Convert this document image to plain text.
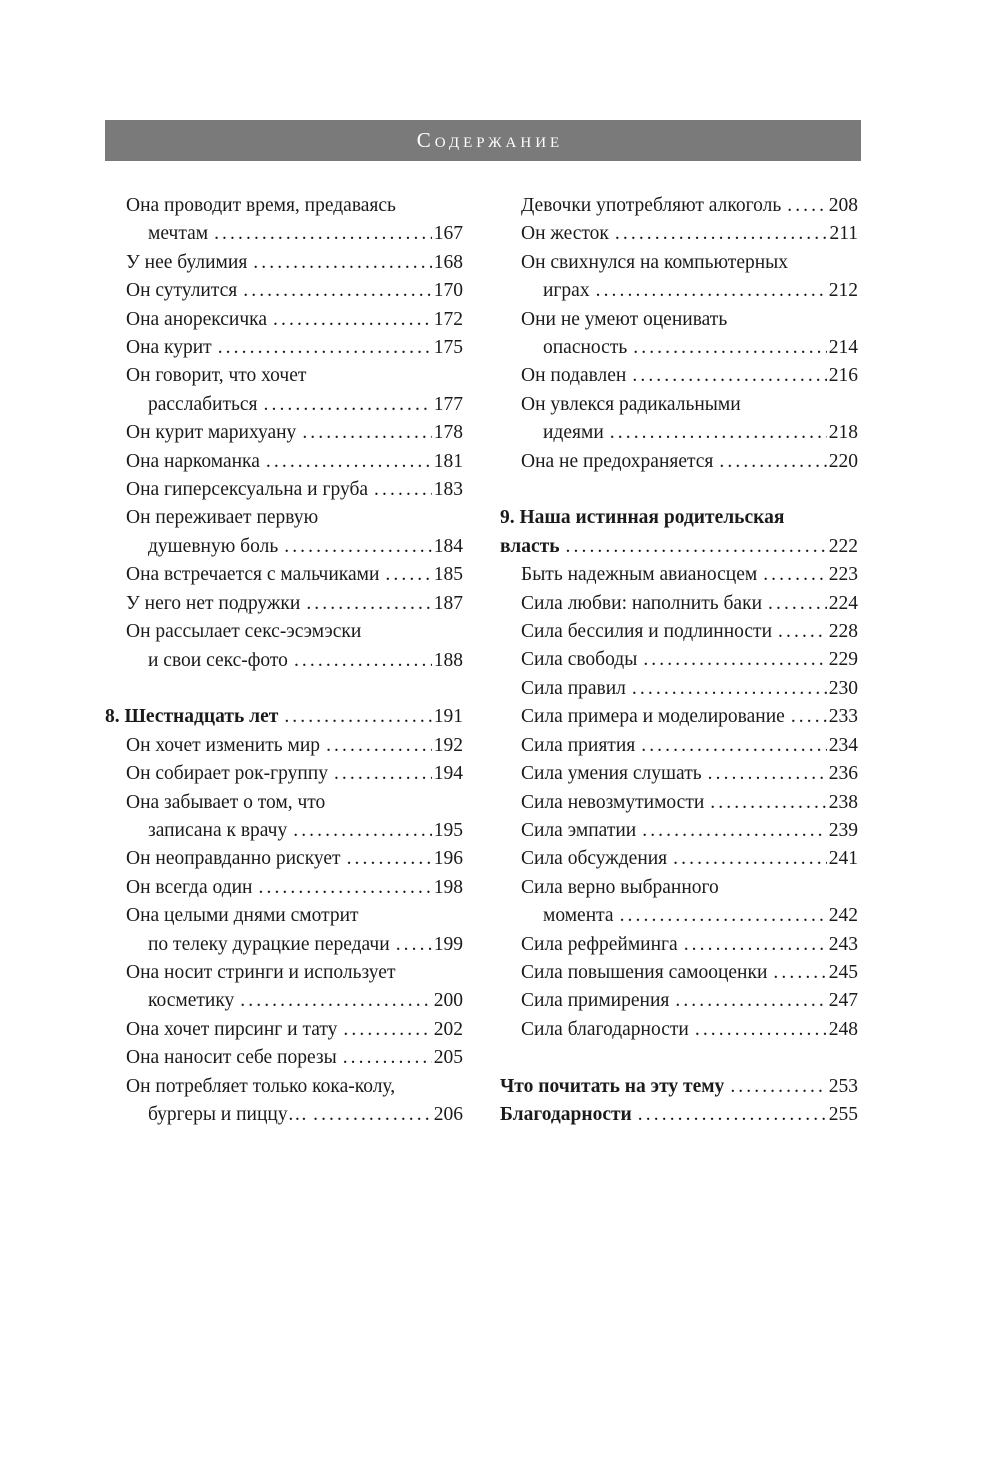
Содержание
Она проводит время, предаваясь
мечтам .....	167
У нее булимия .....	168
Он сутулится .....	170
Она анорексичка .....	172
Она курит .....	175
Он говорит, что хочет
расслабиться .....	177
Он курит марихуану .....	178
Она наркоманка .....	181
Она гиперсексуальна и груба .....	183
Он переживает первую
душевную боль .....	184
Она встречается с мальчиками .....	185
У него нет подружки .....	187
Он рассылает секс-эсэмэски
и свои секс-фото .....	188
8. Шестнадцать лет .....	191
Он хочет изменить мир .....	192
Он собирает рок-группу .....	194
Она забывает о том, что
записана к врачу .....	195
Он неоправданно рискует .....	196
Он всегда один .....	198
Она целыми днями смотрит
по телеку дурацкие передачи ..... 199
Она носит стринги и использует
косметику .....	200
Она хочет пирсинг и тату .....	202
Она наносит себе порезы .....	205
Он потребляет только кока-колу,
бургеры и пиццу… .....	206
Девочки употребляют алкоголь ..... 208
Он жесток .....	211
Он свихнулся на компьютерных
играх .....	212
Они не умеют оценивать
опасность .....	214
Он подавлен .....	216
Он увлекся радикальными
идеями .....	218
Она не предохраняется .....	220
9. Наша истинная родительская
власть .....	222
Быть надежным авианосцем .....	223
Сила любви: наполнить баки .....	224
Сила бессилия и подлинности .....	228
Сила свободы .....	229
Сила правил .....	230
Сила примера и моделирование ..... 233
Сила приятия .....	234
Сила умения слушать .....	236
Сила невозмутимости .....	238
Сила эмпатии .....	239
Сила обсуждения .....	241
Сила верно выбранного
момента .....	242
Сила рефрейминга .....	243
Сила повышения самооценки .....	245
Сила примирения .....	247
Сила благодарности .....	248
Что почитать на эту тему .....	253
Благодарности .....	255
